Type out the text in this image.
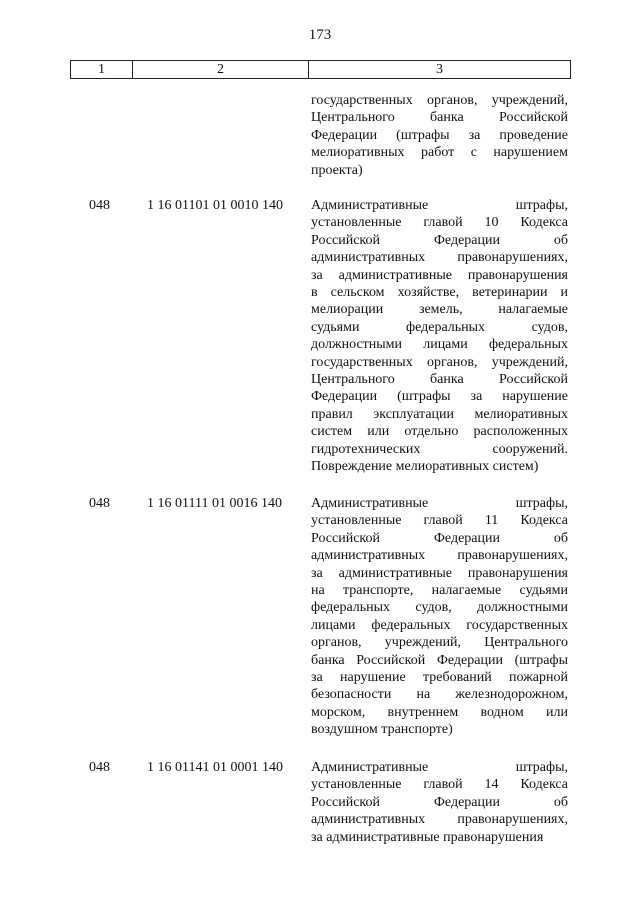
173
1	2	3
государственных органов, учреждений,
Центрального банка Российской
Федерации (штрафы за проведение
мелиоративных работ с нарушением
проекта)
048	1 16 01101 01 0010 140	Административные штрафы,
установленные главой 10 Кодекса
Российской Федерации об
административных правонарушениях,
за административные правонарушения
в сельском хозяйстве, ветеринарии и
мелиорации земель, налагаемые
судьями федеральных судов,
должностными лицами федеральных
государственных органов, учреждений,
Центрального банка Российской
Федерации (штрафы за нарушение
правил эксплуатации мелиоративных
систем или отдельно расположенных
гидротехнических сооружений.
Повреждение мелиоративных систем)
048	1 16 01111 01 0016 140	Административные штрафы,
установленные главой 11 Кодекса
Российской Федерации об
административных правонарушениях,
за административные правонарушения
на транспорте, налагаемые судьями
федеральных судов, должностными
лицами федеральных государственных
органов, учреждений, Центрального
банка Российской Федерации (штрафы
за нарушение требований пожарной
безопасности на железнодорожном,
морском, внутреннем водном или
воздушном транспорте)
048	1 16 01141 01 0001 140	Административные штрафы,
установленные главой 14 Кодекса
Российской Федерации об
административных правонарушениях,
за административные правонарушения
